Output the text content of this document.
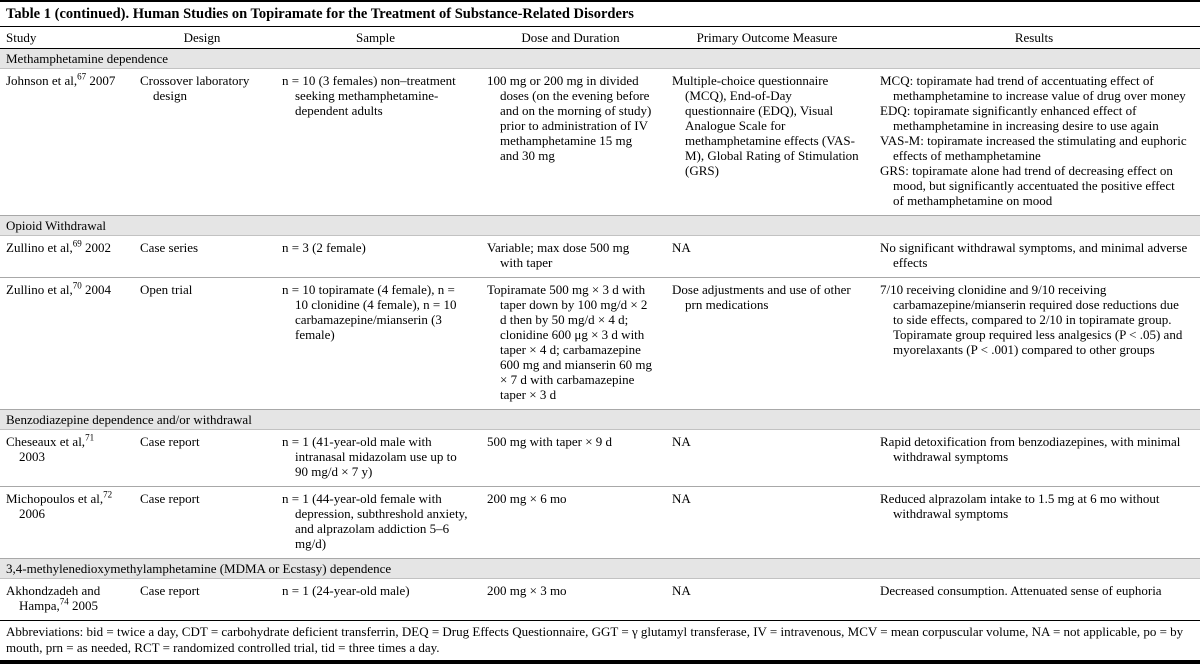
Table 1 (continued). Human Studies on Topiramate for the Treatment of Substance-Related Disorders
Study	Design	Sample	Dose and Duration	Primary Outcome Measure	Results
Methamphetamine dependence					

Johnson et al,$^{67}$ 2007	Crossover laboratory design	n = 10 (3 females) non–treatment seeking methamphetamine-dependent adults	100 mg or 200 mg in divided doses (on the evening before and on the morning of study) prior to administration of IV methamphetamine 15 mg and 30 mg	Multiple-choice questionnaire (MCQ), End-of-Day questionnaire (EDQ), Visual Analogue Scale for methamphetamine effects (VAS-M), Global Rating of Stimulation (GRS)	MCQ: topiramate had trend of accentuating effect of methamphetamine to increase value of drug over money
EDQ: topiramate significantly enhanced effect of methamphetamine in increasing desire to use again
VAS-M: topiramate increased the stimulating and euphoric effects of methamphetamine
GRS: topiramate alone had trend of decreasing effect on mood, but significantly accentuated the positive effect of methamphetamine on mood

Opioid Withdrawal					

Zullino et al,$^{69}$ 2002	Case series	n = 3 (2 female)	Variable; max dose 500 mg with taper	NA	No significant withdrawal symptoms, and minimal adverse effects

Zullino et al,$^{70}$ 2004	Open trial	n = 10 topiramate (4 female), n = 10 clonidine (4 female), n = 10 carbamazepine/mianserin (3 female)	Topiramate 500 mg × 3 d with taper down by 100 mg/d × 2 d then by 50 mg/d × 4 d; clonidine 600 μg × 3 d with taper × 4 d; carbamazepine 600 mg and mianserin 60 mg × 7 d with carbamazepine taper × 3 d	Dose adjustments and use of other prn medications	7/10 receiving clonidine and 9/10 receiving carbamazepine/mianserin required dose reductions due to side effects, compared to 2/10 in topiramate group. Topiramate group required less analgesics (P < .05) and myorelaxants (P < .001) compared to other groups

Benzodiazepine dependence and/or withdrawal					

Cheseaux et al,$^{71}$ 2003	Case report	n = 1 (41-year-old male with intranasal midazolam use up to 90 mg/d × 7 y)	500 mg with taper × 9 d	NA	Rapid detoxification from benzodiazepines, with minimal withdrawal symptoms

Michopoulos et al,$^{72}$ 2006	Case report	n = 1 (44-year-old female with depression, subthreshold anxiety, and alprazolam addiction 5–6 mg/d)	200 mg × 6 mo	NA	Reduced alprazolam intake to 1.5 mg at 6 mo without withdrawal symptoms

3,4-methylenedioxymethylamphetamine (MDMA or Ecstasy) dependence					

Akhondzadeh and Hampa,$^{74}$ 2005	Case report	n = 1 (24-year-old male)	200 mg × 3 mo	NA	Decreased consumption. Attenuated sense of euphoria
Abbreviations: bid = twice a day, CDT = carbohydrate deficient transferrin, DEQ = Drug Effects Questionnaire, GGT = γ glutamyl transferase, IV = intravenous, MCV = mean corpuscular volume, NA = not applicable, po = by mouth, prn = as needed, RCT = randomized controlled trial, tid = three times a day.
